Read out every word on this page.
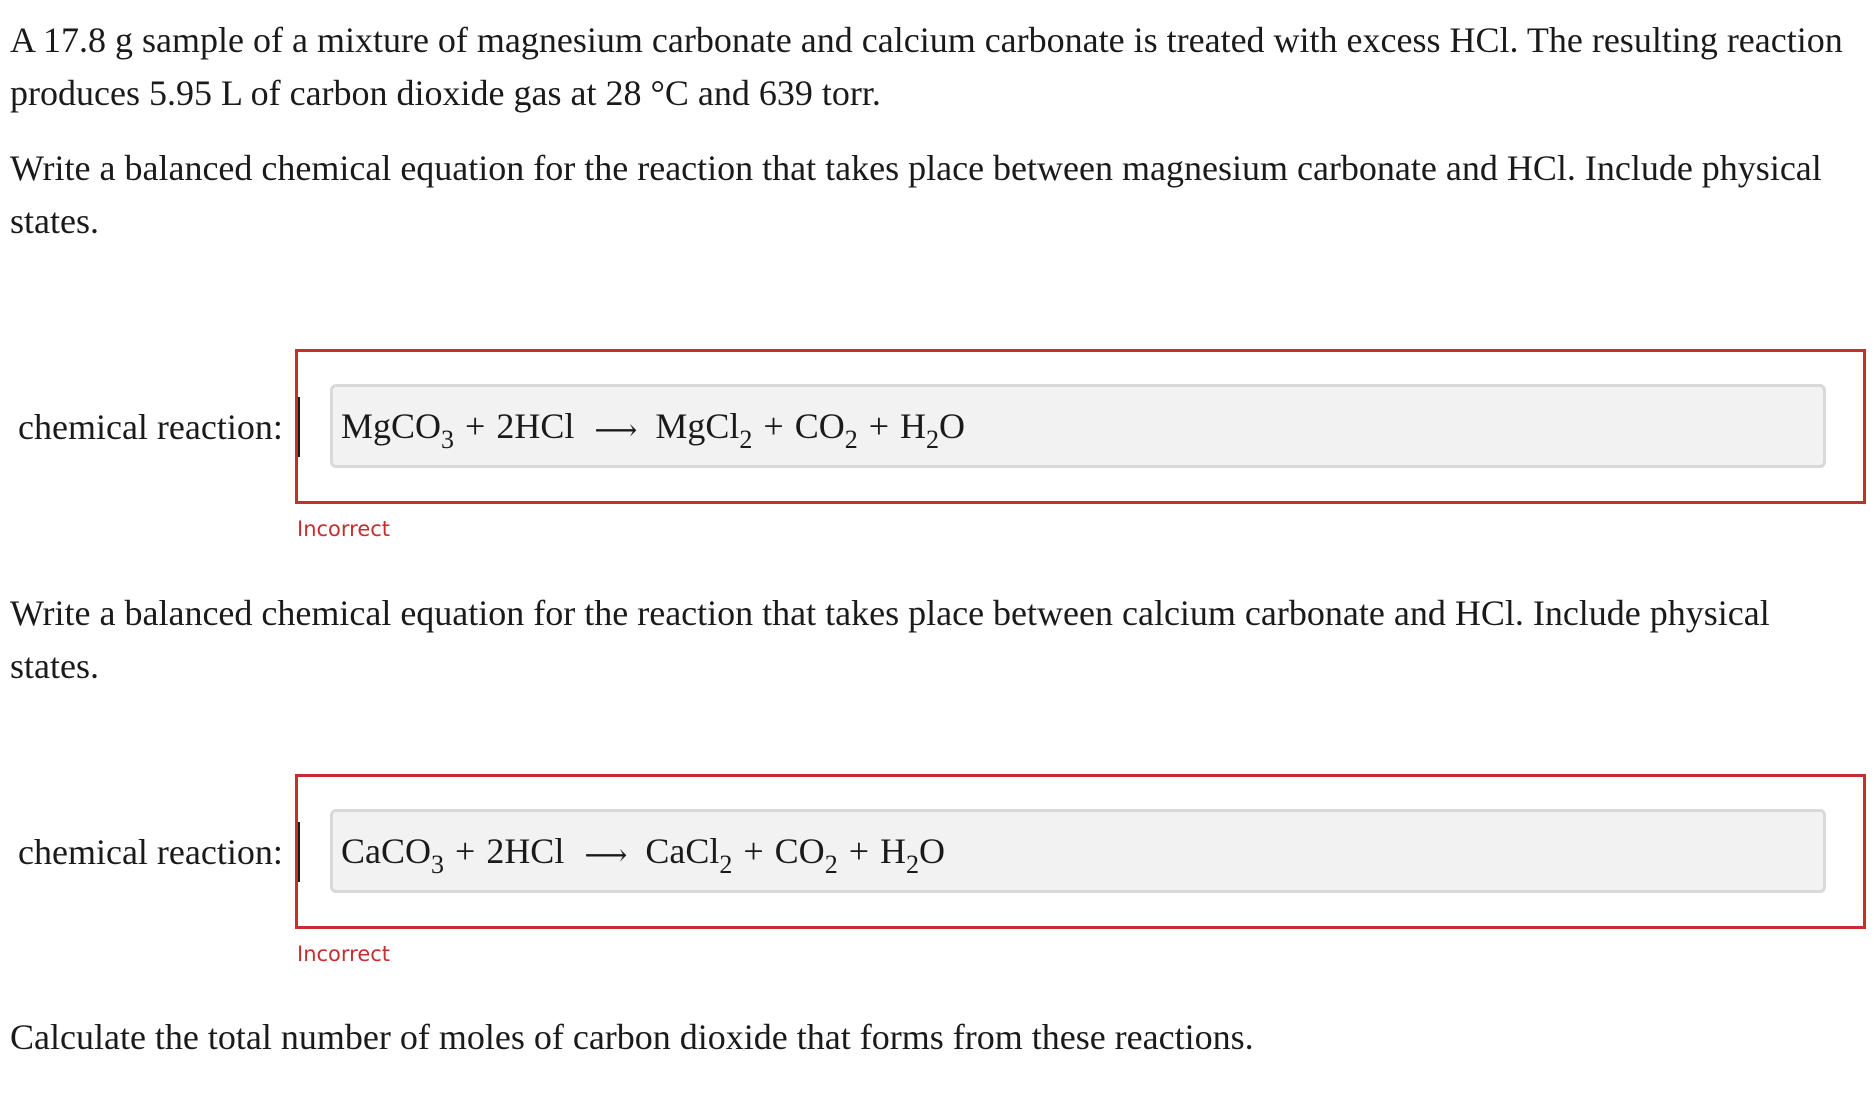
A 17.8 g sample of a mixture of magnesium carbonate and calcium carbonate is treated with excess HCl. The resulting reaction produces 5.95 L of carbon dioxide gas at 28 °C and 639 torr.

Write a balanced chemical equation for the reaction that takes place between magnesium carbonate and HCl. Include physical states.

chemical reaction: MgCO$_3$ + 2HCl ⟶ MgCl$_2$ + $CO_2 + H_2O$
Incorrect

Write a balanced chemical equation for the reaction that takes place between calcium carbonate and HCl. Include physical states.

chemical reaction: CaCO$_3$ + 2HCl ⟶ CaCl$_2$ + $CO_2 + H_2O$
Incorrect

Calculate the total number of moles of carbon dioxide that forms from these reactions.
